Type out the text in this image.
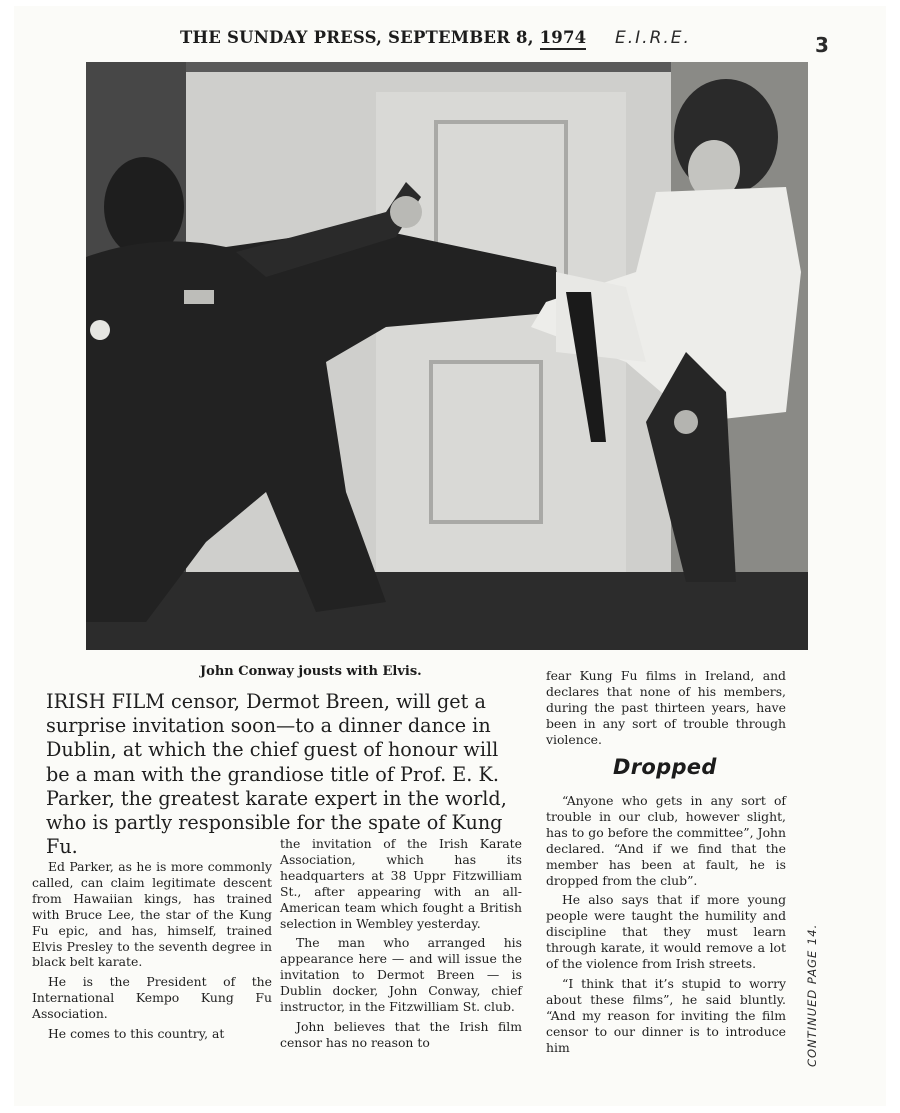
THE SUNDAY PRESS, SEPTEMBER 8, 1974 E.I.R.E.	3
John Conway jousts with Elvis.
IRISH FILM censor, Dermot Breen, will get a surprise invitation soon—to a dinner dance in Dublin, at which the chief guest of honour will be a man with the grandiose title of Prof. E. K. Parker, the greatest karate expert in the world, who is partly responsible for the spate of Kung Fu.

Ed Parker, as he is more commonly called, can claim legitimate descent from Hawaiian kings, has trained with Bruce Lee, the star of the Kung Fu epic, and has, himself, trained Elvis Presley to the seventh degree in black belt karate.

He is the President of the International Kempo Kung Fu Association.

He comes to this country, at

the invitation of the Irish Karate Association, which has its headquarters at 38 Uppr Fitzwilliam St., after appearing with an all-American team which fought a British selection in Wembley yesterday.

The man who arranged his appearance here — and will issue the invitation to Dermot Breen — is Dublin docker, John Conway, chief instructor, in the Fitzwilliam St. club.

John believes that the Irish film censor has no reason to

fear Kung Fu films in Ireland, and declares that none of his members, during the past thirteen years, have been in any sort of trouble through violence.
Dropped

“Anyone who gets in any sort of trouble in our club, however slight, has to go before the committee”, John declared. “And if we find that the member has been at fault, he is dropped from the club”.

He also says that if more young people were taught the humility and discipline that they must learn through karate, it would remove a lot of the violence from Irish streets.

“I think that it’s stupid to worry about these films”, he said bluntly. “And my reason for inviting the film censor to our dinner is to introduce him	CONTINUED PAGE 14.
